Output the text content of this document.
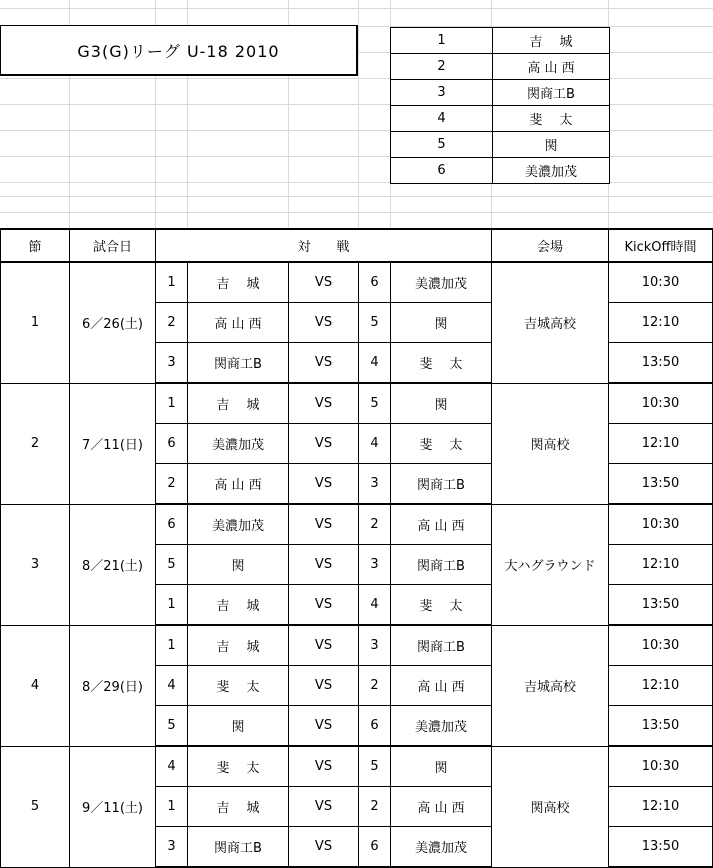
G3(G)リーグ U-18 2010
1	吉　 城
2	高 山 西
3	関商工B
4	斐　 太
5	関
6	美濃加茂
節	試合日	対　　戦					会場	KickOff時間
1	6／26(土)	1	吉　 城	VS	6	美濃加茂	吉城高校	10:30
		2	高 山 西	VS	5	関		12:10
		3	関商工B	VS	4	斐　 太		13:50
2	7／11(日)	1	吉　 城	VS	5	関	関高校	10:30
		6	美濃加茂	VS	4	斐　 太		12:10
		2	高 山 西	VS	3	関商工B		13:50
3	8／21(土)	6	美濃加茂	VS	2	高 山 西	大ハグラウンド	10:30
		5	関	VS	3	関商工B		12:10
		1	吉　 城	VS	4	斐　 太		13:50
4	8／29(日)	1	吉　 城	VS	3	関商工B	吉城高校	10:30
		4	斐　 太	VS	2	高 山 西		12:10
		5	関	VS	6	美濃加茂		13:50
5	9／11(土)	4	斐　 太	VS	5	関	関高校	10:30
		1	吉　 城	VS	2	高 山 西		12:10
		3	関商工B	VS	6	美濃加茂		13:50
